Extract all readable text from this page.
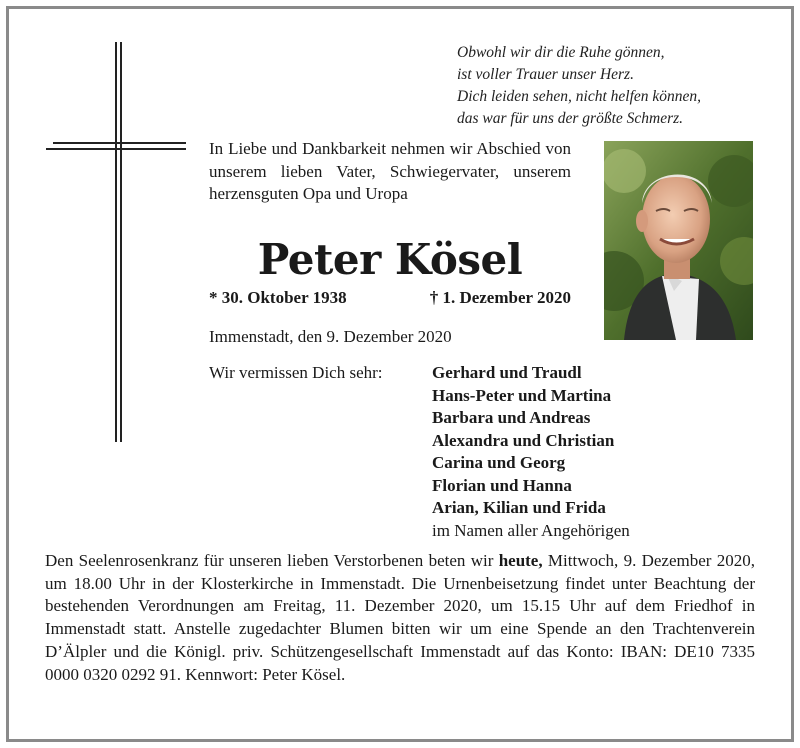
Obwohl wir dir die Ruhe gönnen,
ist voller Trauer unser Herz.
Dich leiden sehen, nicht helfen können,
das war für uns der größte Schmerz.
In Liebe und Dankbarkeit nehmen wir Abschied von unserem lieben Vater, Schwiegervater, unserem herzensguten Opa und Uropa
Peter Kösel
* 30. Oktober 1938	† 1. Dezember 2020
Immenstadt, den 9. Dezember 2020
Wir vermissen Dich sehr:	Gerhard und Traudl
Hans-Peter und Martina
Barbara und Andreas
Alexandra und Christian
Carina und Georg
Florian und Hanna
Arian, Kilian und Frida
im Namen aller Angehörigen
Den Seelenrosenkranz für unseren lieben Verstorbenen beten wir heute, Mittwoch, 9. Dezember 2020, um 18.00 Uhr in der Klosterkirche in Immenstadt. Die Urnenbeisetzung findet unter Beachtung der bestehenden Verordnungen am Freitag, 11. Dezember 2020, um 15.15 Uhr auf dem Friedhof in Immenstadt statt. Anstelle zugedachter Blumen bitten wir um eine Spende an den Trachtenverein D’Älpler und die Königl. priv. Schützengesellschaft Immenstadt auf das Konto: IBAN: DE10 7335 0000 0320 0292 91. Kennwort: Peter Kösel.
